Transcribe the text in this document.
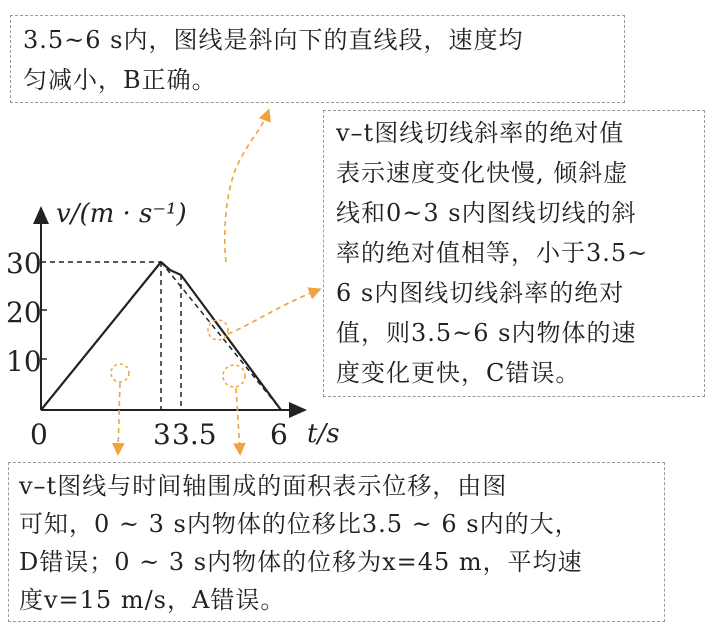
30
20
10
0	3 3.5 6
v/(m · s⁻¹)
t/s
3.5~6 s内，图线是斜向下的直线段，速度均
匀减小，B正确。
v–t图线切线斜率的绝对值
表示速度变化快慢, 倾斜虚
线和0~3 s内图线切线的斜
率的绝对值相等，小于3.5~
6 s内图线切线斜率的绝对
值，则3.5~6 s内物体的速
度变化更快，C错误。
v–t图线与时间轴围成的面积表示位移，由图
可知，0 ~ 3 s内物体的位移比3.5 ~ 6 s内的大，
D错误；0 ~ 3 s内物体的位移为x=45 m，平均速
度v=15 m/s，A错误。
